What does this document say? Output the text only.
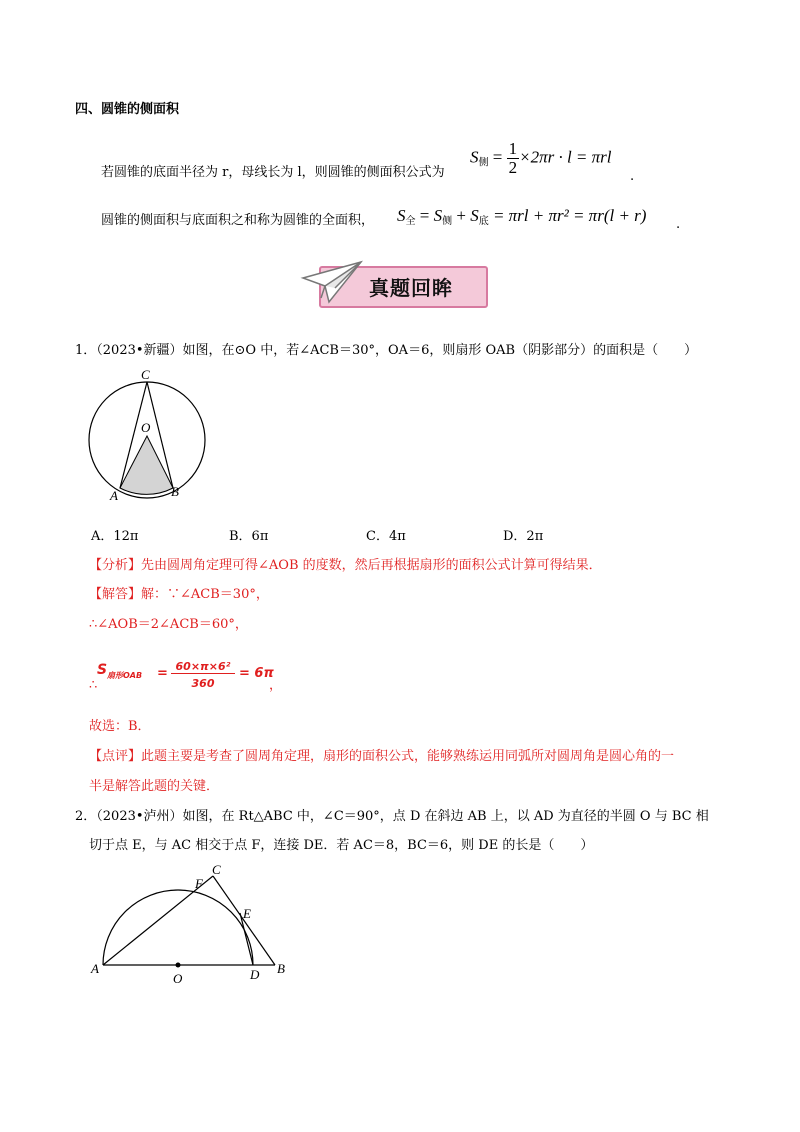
四、圆锥的侧面积
若圆锥的底面半径为 r，母线长为 l，则圆锥的侧面积公式为
$S_侧 = \frac{1}{2} \times 2\pi r \cdot l = \pi rl$
.
圆锥的侧面积与底面积之和称为圆锥的全面积， $S_全 = S_侧 + S_底 = \pi rl + \pi r^2 = \pi r(l + r)$ .
真题回眸
1．（2023•新疆）如图，在⊙O 中，若∠ACB＝30°，OA＝6，则扇形 OAB（阴影部分）的面积是（　　）
C
O
A	B
A．12π	B．6π	C．4π	D．2π
【分析】先由圆周角定理可得∠AOB 的度数，然后再根据扇形的面积公式计算可得结果．
【解答】解：∵∠ACB＝30°，
∴∠AOB＝2∠ACB＝60°，
∴
S 扇形OAB
60×π×6²
360
=	= 6π
，
故选：B．
【点评】此题主要是考查了圆周角定理，扇形的面积公式，能够熟练运用同弧所对圆周角是圆心角的一
半是解答此题的关键．
2．（2023•泸州）如图，在 Rt△ABC 中，∠C＝90°，点 D 在斜边 AB 上，以 AD 为直径的半圆 O 与 BC 相
切于点 E，与 AC 相交于点 F，连接 DE．若 AC＝8，BC＝6，则 DE 的长是（　　）
C
F
E
A
O	D B
